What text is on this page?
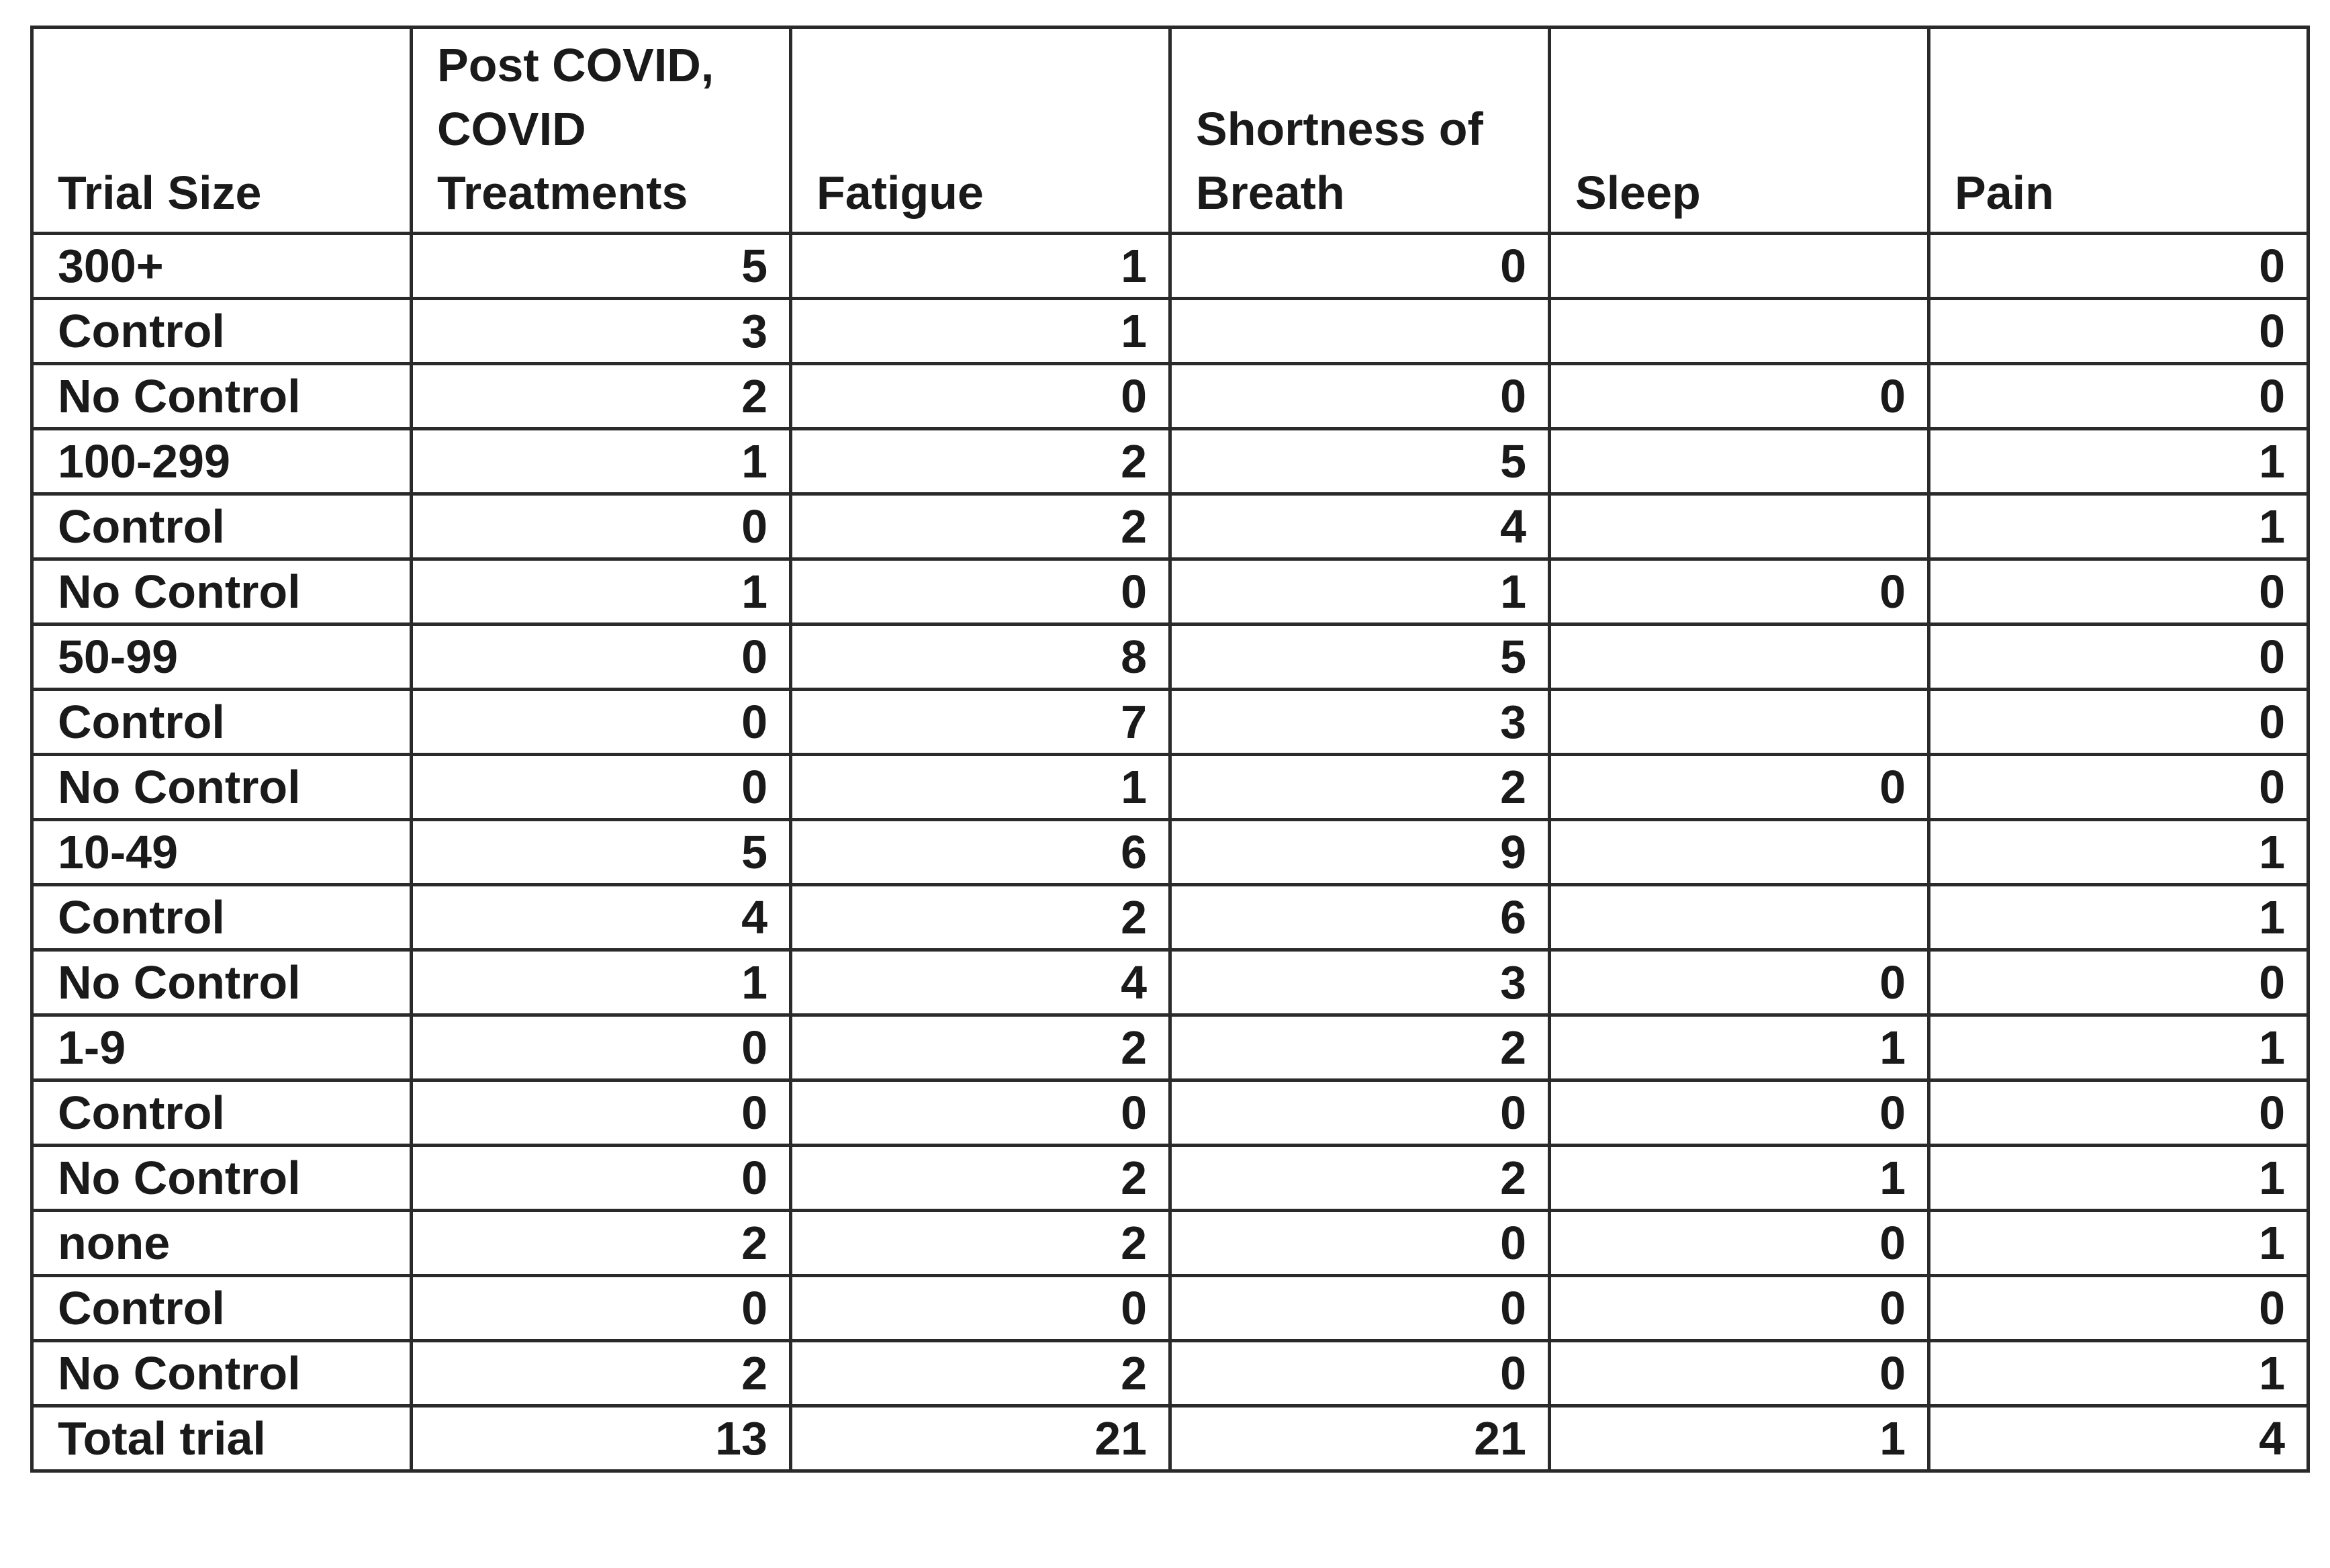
Trial Size	Post COVID, COVID Treatments	Fatigue	Shortness of Breath	Sleep	Pain
300+	5	1	0		0
Control	3	1			0
No Control	2	0	0	0	0
100-299	1	2	5		1
Control	0	2	4		1
No Control	1	0	1	0	0
50-99	0	8	5		0
Control	0	7	3		0
No Control	0	1	2	0	0
10-49	5	6	9		1
Control	4	2	6		1
No Control	1	4	3	0	0
1-9	0	2	2	1	1
Control	0	0	0	0	0
No Control	0	2	2	1	1
none	2	2	0	0	1
Control	0	0	0	0	0
No Control	2	2	0	0	1
Total trial	13	21	21	1	4
